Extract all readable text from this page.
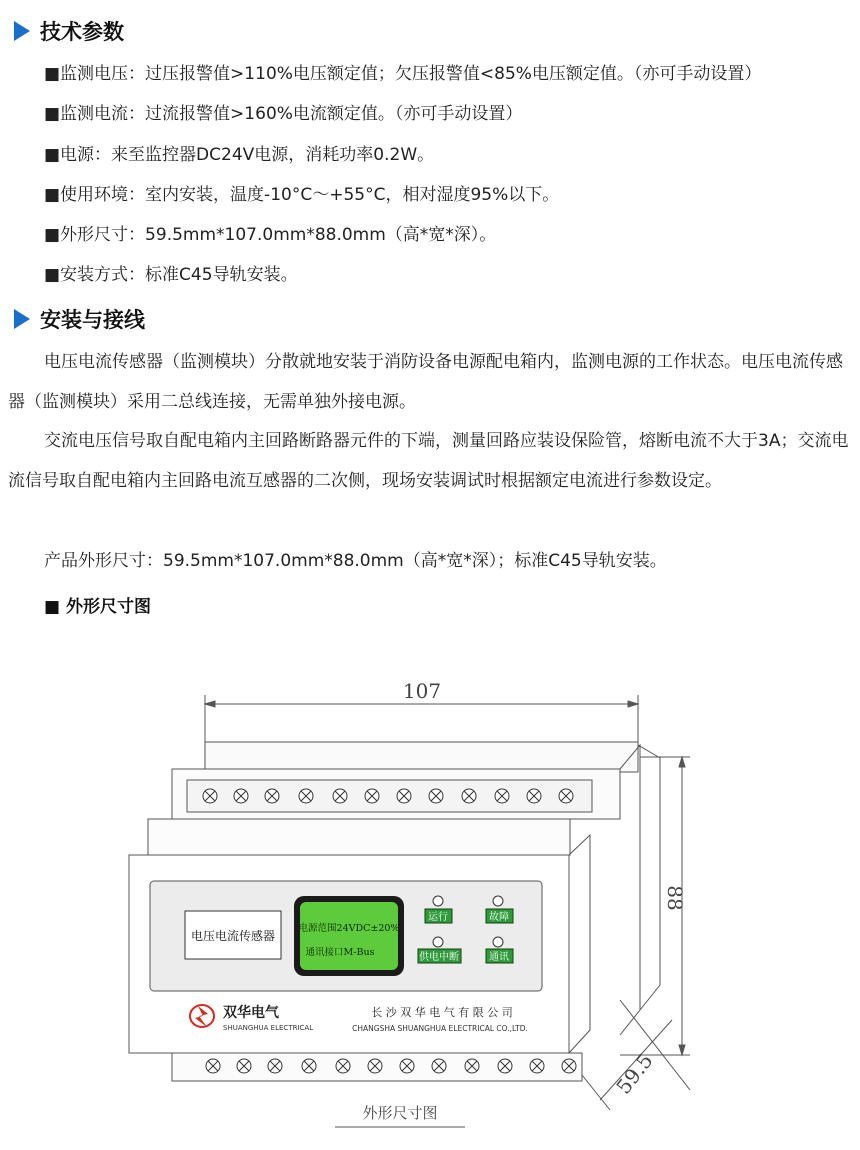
技术参数
■监测电压：过压报警值>110%电压额定值；欠压报警值<85%电压额定值。（亦可手动设置）
■监测电流：过流报警值>160%电流额定值。（亦可手动设置）
■电源：来至监控器DC24V电源，消耗功率0.2W。
■使用环境：室内安装，温度-10°C～+55°C，相对湿度95%以下。
■外形尺寸：59.5mm*107.0mm*88.0mm（高*宽*深）。
■安装方式：标准C45导轨安装。
安装与接线
电压电流传感器（监测模块）分散就地安装于消防设备电源配电箱内，监测电源的工作状态。电压电流传感器（监测模块）采用二总线连接，无需单独外接电源。
交流电压信号取自配电箱内主回路断路器元件的下端，测量回路应装设保险管，熔断电流不大于3A；交流电流信号取自配电箱内主回路电流互感器的二次侧，现场安装调试时根据额定电流进行参数设定。
产品外形尺寸：59.5mm*107.0mm*88.0mm（高*宽*深）；标准C45导轨安装。
■ 外形尺寸图
107
88
59.5
电压电流传感器
电源范围24VDC±20%
通讯接口M-Bus
运行	故障
供电中断	通讯
双华电气
SHUANGHUA ELECTRICAL
长 沙 双 华 电 气 有 限 公 司
CHANGSHA SHUANGHUA ELECTRICAL CO.,LTD.
外形尺寸图
